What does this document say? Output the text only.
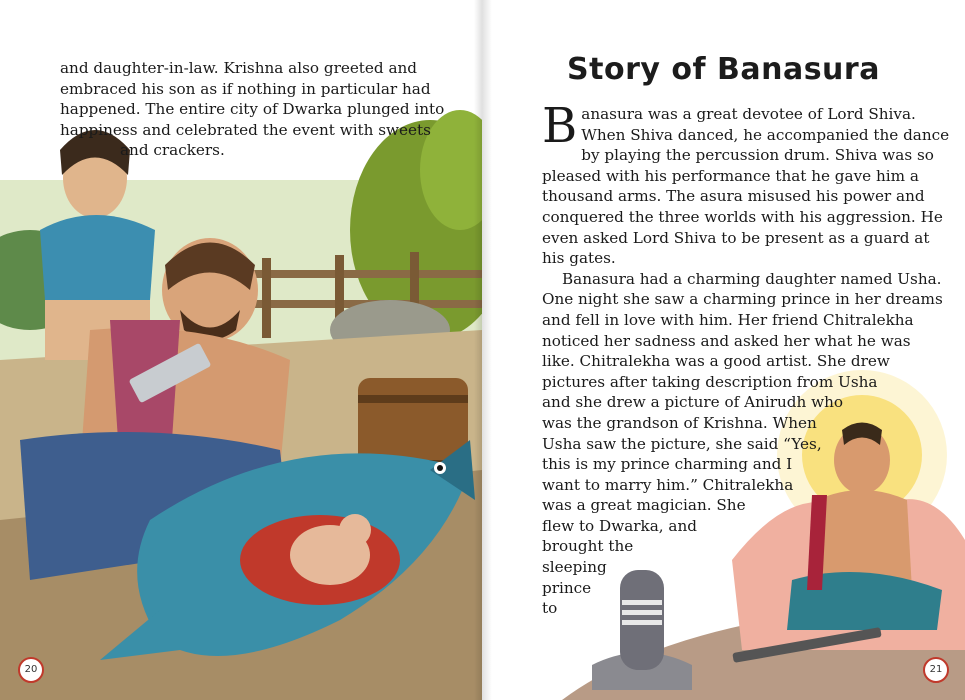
and daughter-in-law. Krishna also greeted and

embraced his son as if nothing in particular had

happened. The entire city of Dwarka plunged into

happiness and celebrated the event with sweets

and crackers.

20
Story of Banasura
B anasura was a great devotee of Lord Shiva.
When Shiva danced, he accompanied the dance
by playing the percussion drum. Shiva was so
pleased with his performance that he gave him a
thousand arms. The asura misused his power and
conquered the three worlds with his aggression. He
even asked Lord Shiva to be present as a guard at
his gates.
Banasura had a charming daughter named Usha.
One night she saw a charming prince in her dreams
and fell in love with him. Her friend Chitralekha
noticed her sadness and asked her what he was
like. Chitralekha was a good artist. She drew
pictures after taking description from Usha
and she drew a picture of Anirudh who
was the grandson of Krishna. When
Usha saw the picture, she said “Yes,
this is my prince charming and I
want to marry him.” Chitralekha
was a great magician. She
flew to Dwarka, and
brought the
sleeping
prince
to
21
